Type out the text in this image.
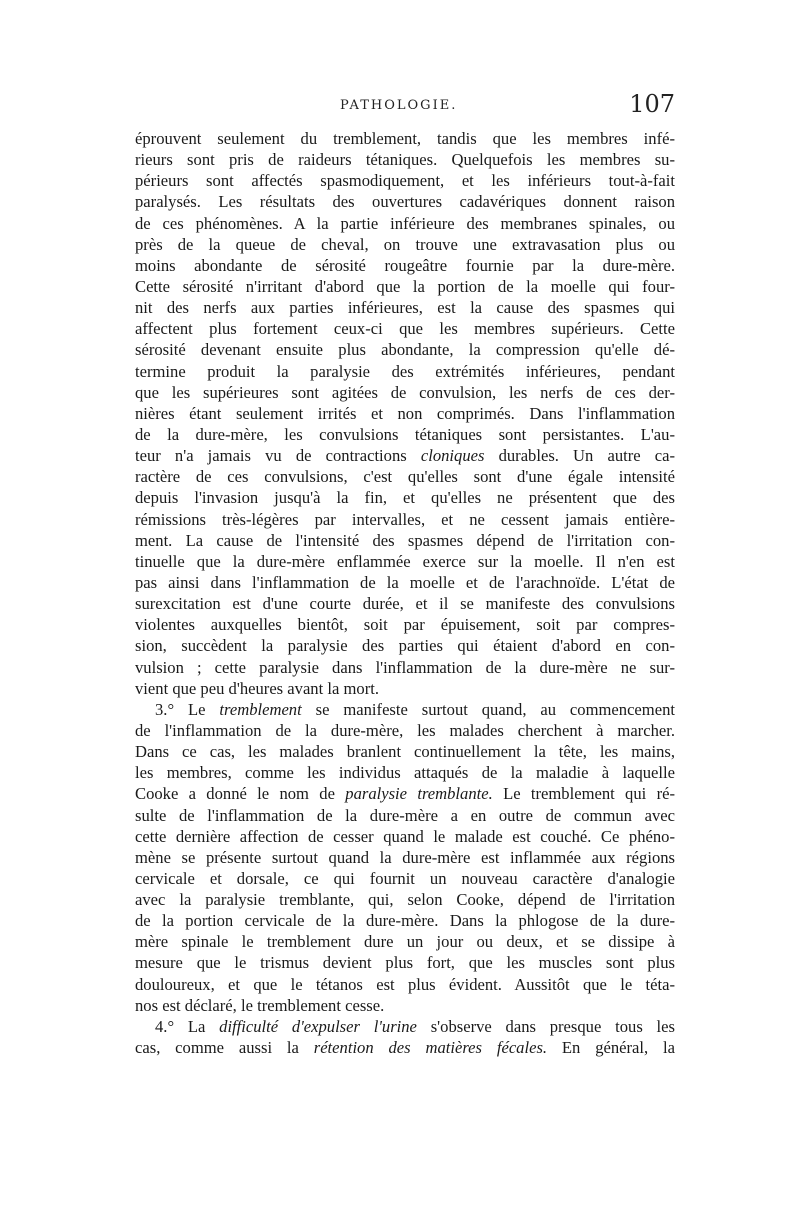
PATHOLOGIE.	107
éprouvent seulement du tremblement, tandis que les membres infé-
rieurs sont pris de raideurs tétaniques. Quelquefois les membres su-
périeurs sont affectés spasmodiquement, et les inférieurs tout-à-fait
paralysés. Les résultats des ouvertures cadavériques donnent raison
de ces phénomènes. A la partie inférieure des membranes spinales, ou
près de la queue de cheval, on trouve une extravasation plus ou
moins abondante de sérosité rougeâtre fournie par la dure-mère.
Cette sérosité n'irritant d'abord que la portion de la moelle qui four-
nit des nerfs aux parties inférieures, est la cause des spasmes qui
affectent plus fortement ceux-ci que les membres supérieurs. Cette
sérosité devenant ensuite plus abondante, la compression qu'elle dé-
termine produit la paralysie des extrémités inférieures, pendant
que les supérieures sont agitées de convulsion, les nerfs de ces der-
nières étant seulement irrités et non comprimés. Dans l'inflammation
de la dure-mère, les convulsions tétaniques sont persistantes. L'au-
teur n'a jamais vu de contractions cloniques durables. Un autre ca-
ractère de ces convulsions, c'est qu'elles sont d'une égale intensité
depuis l'invasion jusqu'à la fin, et qu'elles ne présentent que des
rémissions très-légères par intervalles, et ne cessent jamais entière-
ment. La cause de l'intensité des spasmes dépend de l'irritation con-
tinuelle que la dure-mère enflammée exerce sur la moelle. Il n'en est
pas ainsi dans l'inflammation de la moelle et de l'arachnoïde. L'état de
surexcitation est d'une courte durée, et il se manifeste des convulsions
violentes auxquelles bientôt, soit par épuisement, soit par compres-
sion, succèdent la paralysie des parties qui étaient d'abord en con-
vulsion ; cette paralysie dans l'inflammation de la dure-mère ne sur-
vient que peu d'heures avant la mort.
3.° Le tremblement se manifeste surtout quand, au commencement
de l'inflammation de la dure-mère, les malades cherchent à marcher.
Dans ce cas, les malades branlent continuellement la tête, les mains,
les membres, comme les individus attaqués de la maladie à laquelle
Cooke a donné le nom de paralysie tremblante. Le tremblement qui ré-
sulte de l'inflammation de la dure-mère a en outre de commun avec
cette dernière affection de cesser quand le malade est couché. Ce phéno-
mène se présente surtout quand la dure-mère est inflammée aux régions
cervicale et dorsale, ce qui fournit un nouveau caractère d'analogie
avec la paralysie tremblante, qui, selon Cooke, dépend de l'irritation
de la portion cervicale de la dure-mère. Dans la phlogose de la dure-
mère spinale le tremblement dure un jour ou deux, et se dissipe à
mesure que le trismus devient plus fort, que les muscles sont plus
douloureux, et que le tétanos est plus évident. Aussitôt que le téta-
nos est déclaré, le tremblement cesse.
4.° La difficulté d'expulser l'urine s'observe dans presque tous les
cas, comme aussi la rétention des matières fécales. En général, la
